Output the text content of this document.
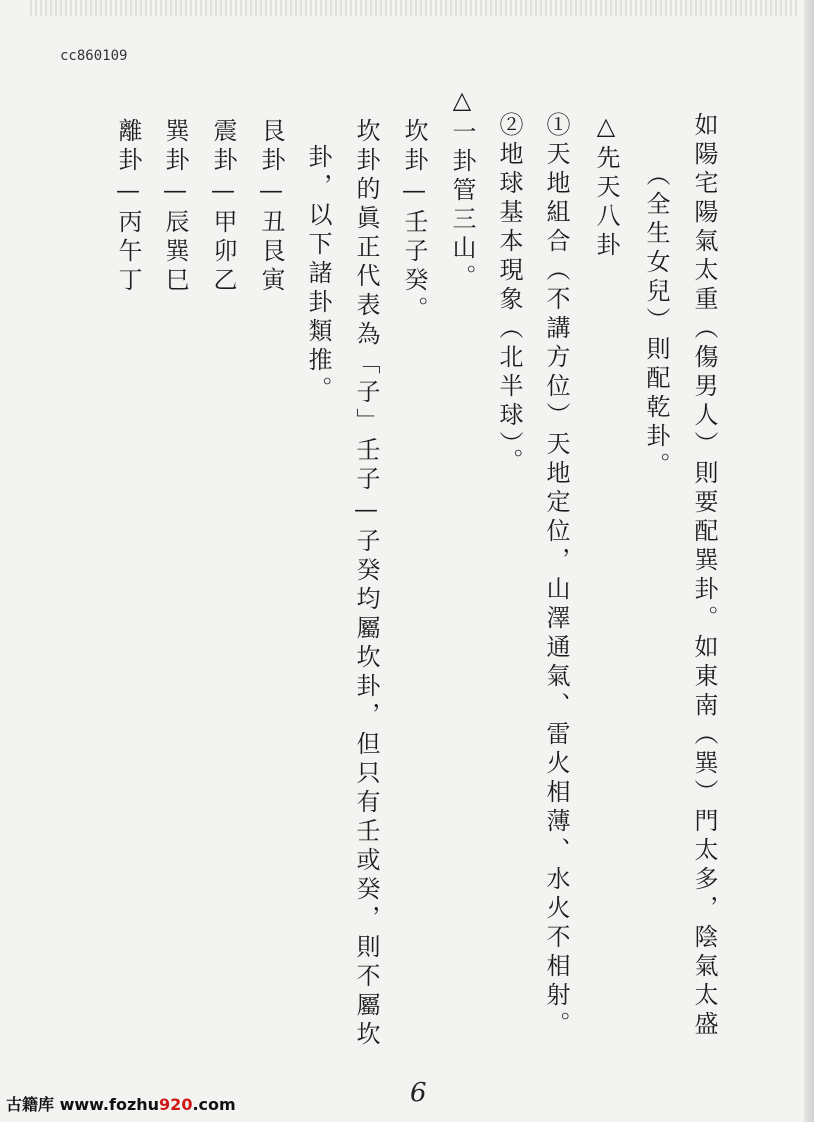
cc860109
如陽宅陽氣太重（傷男人）則要配巽卦。如東南（巽）門太多，陰氣太盛
（全生女兒）則配乾卦。
△先天八卦
①天地組合（不講方位）天地定位，山澤通氣、雷火相薄、水火不相射。
②地球基本現象（北半球）。
△一卦管三山。
坎卦—壬子癸。
坎卦的眞正代表為「子」壬子—子癸均屬坎卦，但只有壬或癸，則不屬坎
卦，以下諸卦類推。
艮卦—丑艮寅
震卦—甲卯乙
巽卦—辰巽巳
離卦—丙午丁
6
古籍库 www.fozhu920.com
